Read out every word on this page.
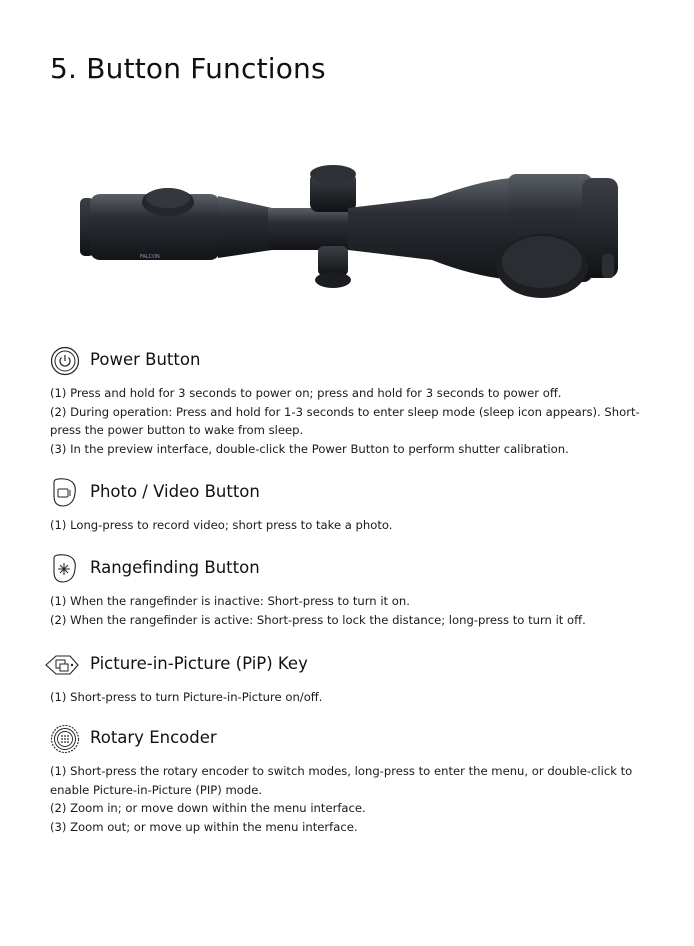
5. Button Functions
FALCON
Power Button

(1) Press and hold for 3 seconds to power on; press and hold for 3 seconds to power off.

(2) During operation: Press and hold for 1-3 seconds to enter sleep mode (sleep icon appears). Short-press the power button to wake from sleep.

(3) In the preview interface, double-click the Power Button to perform shutter calibration.

Photo / Video Button

(1) Long-press to record video; short press to take a photo.

Rangefinding Button

(1) When the rangefinder is inactive: Short-press to turn it on.

(2) When the rangefinder is active: Short-press to lock the distance; long-press to turn it off.

Picture-in-Picture (PiP) Key

(1) Short-press to turn Picture-in-Picture on/off.

Rotary Encoder

(1) Short-press the rotary encoder to switch modes, long-press to enter the menu, or double-click to enable Picture-in-Picture (PIP) mode.

(2) Zoom in; or move down within the menu interface.

(3) Zoom out; or move up within the menu interface.
